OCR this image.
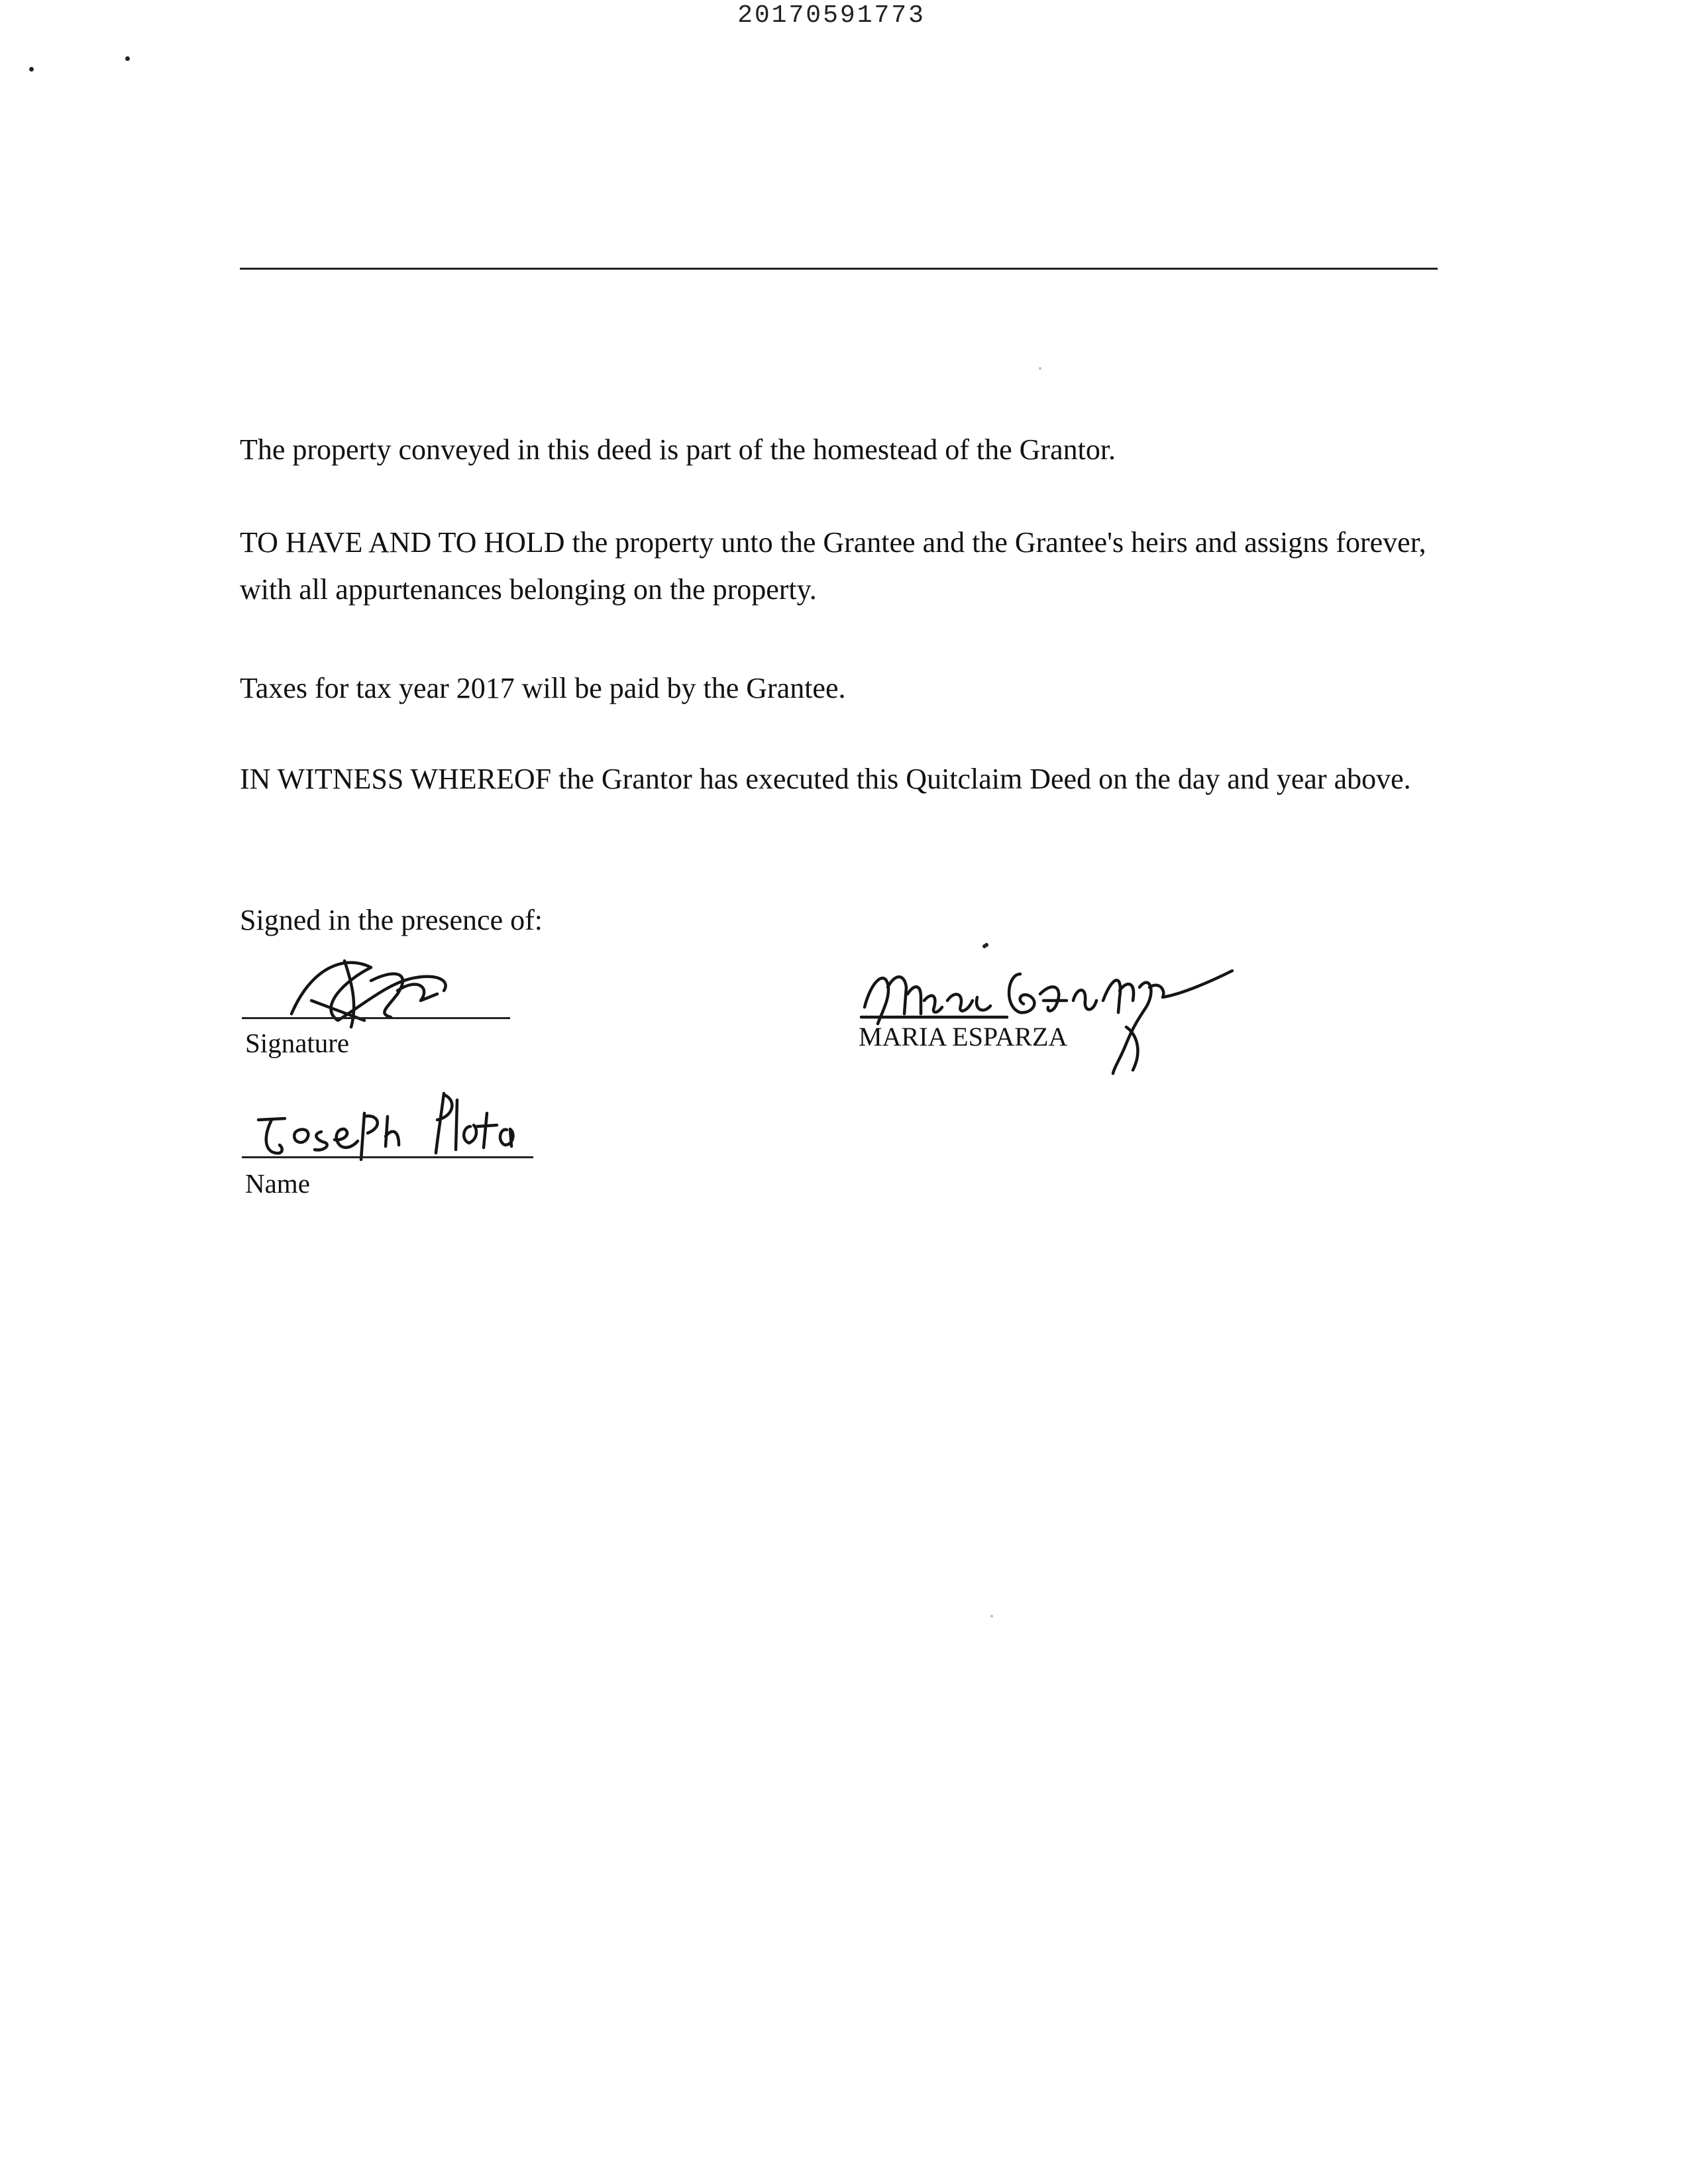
20170591773

The property conveyed in this deed is part of the homestead of the Grantor.

TO HAVE AND TO HOLD the property unto the Grantee and the Grantee's heirs and assigns forever, with all appurtenances belonging on the property.

Taxes for tax year 2017 will be paid by the Grantee.

IN WITNESS WHEREOF the Grantor has executed this Quitclaim Deed on the day and year above.

Signed in the presence of:

Signature
Name
MARIA ESPARZA
